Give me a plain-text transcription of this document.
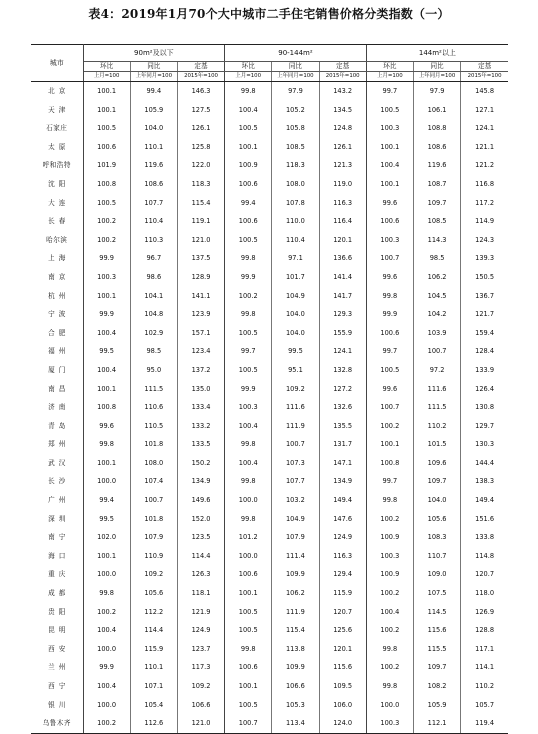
表4：2019年1月70个大中城市二手住宅销售价格分类指数（一）
城市	90m²及以下			90-144m²			144m²以上		
	环比	同比	定基	环比	同比	定基	环比	同比	定基
	上月=100	上年同月=100	2015年=100	上月=100	上年同月=100	2015年=100	上月=100	上年同月=100	2015年=100
北京	100.1	99.4	146.3	99.8	97.9	143.2	99.7	97.9	145.8
天津	100.1	105.9	127.5	100.4	105.2	134.5	100.5	106.1	127.1
石家庄	100.5	104.0	126.1	100.5	105.8	124.8	100.3	108.8	124.1
太原	100.6	110.1	125.8	100.1	108.5	126.1	100.1	108.6	121.1
呼和浩特	101.9	119.6	122.0	100.9	118.3	121.3	100.4	119.6	121.2
沈阳	100.8	108.6	118.3	100.6	108.0	119.0	100.1	108.7	116.8
大连	100.5	107.7	115.4	99.4	107.8	116.3	99.6	109.7	117.2
长春	100.2	110.4	119.1	100.6	110.0	116.4	100.6	108.5	114.9
哈尔滨	100.2	110.3	121.0	100.5	110.4	120.1	100.3	114.3	124.3
上海	99.9	96.7	137.5	99.8	97.1	136.6	100.7	98.5	139.3
南京	100.3	98.6	128.9	99.9	101.7	141.4	99.6	106.2	150.5
杭州	100.1	104.1	141.1	100.2	104.9	141.7	99.8	104.5	136.7
宁波	99.9	104.8	123.9	99.8	104.0	129.3	99.9	104.2	121.7
合肥	100.4	102.9	157.1	100.5	104.0	155.9	100.6	103.9	159.4
福州	99.5	98.5	123.4	99.7	99.5	124.1	99.7	100.7	128.4
厦门	100.4	95.0	137.2	100.5	95.1	132.8	100.5	97.2	133.9
南昌	100.1	111.5	135.0	99.9	109.2	127.2	99.6	111.6	126.4
济南	100.8	110.6	133.4	100.3	111.6	132.6	100.7	111.5	130.8
青岛	99.6	110.5	133.2	100.4	111.9	135.5	100.2	110.2	129.7
郑州	99.8	101.8	133.5	99.8	100.7	131.7	100.1	101.5	130.3
武汉	100.1	108.0	150.2	100.4	107.3	147.1	100.8	109.6	144.4
长沙	100.0	107.4	134.9	99.8	107.7	134.9	99.7	109.7	138.3
广州	99.4	100.7	149.6	100.0	103.2	149.4	99.8	104.0	149.4
深圳	99.5	101.8	152.0	99.8	104.9	147.6	100.2	105.6	151.6
南宁	102.0	107.9	123.5	101.2	107.9	124.9	100.9	108.3	133.8
海口	100.1	110.9	114.4	100.0	111.4	116.3	100.3	110.7	114.8
重庆	100.0	109.2	126.3	100.6	109.9	129.4	100.9	109.0	120.7
成都	99.8	105.6	118.1	100.1	106.2	115.9	100.2	107.5	118.0
贵阳	100.2	112.2	121.9	100.5	111.9	120.7	100.4	114.5	126.9
昆明	100.4	114.4	124.9	100.5	115.4	125.6	100.2	115.6	128.8
西安	100.0	115.9	123.7	99.8	113.8	120.1	99.8	115.5	117.1
兰州	99.9	110.1	117.3	100.6	109.9	115.6	100.2	109.7	114.1
西宁	100.4	107.1	109.2	100.1	106.6	109.5	99.8	108.2	110.2
银川	100.0	105.4	106.6	100.5	105.3	106.0	100.0	105.9	105.7
乌鲁木齐	100.2	112.6	121.0	100.7	113.4	124.0	100.3	112.1	119.4
